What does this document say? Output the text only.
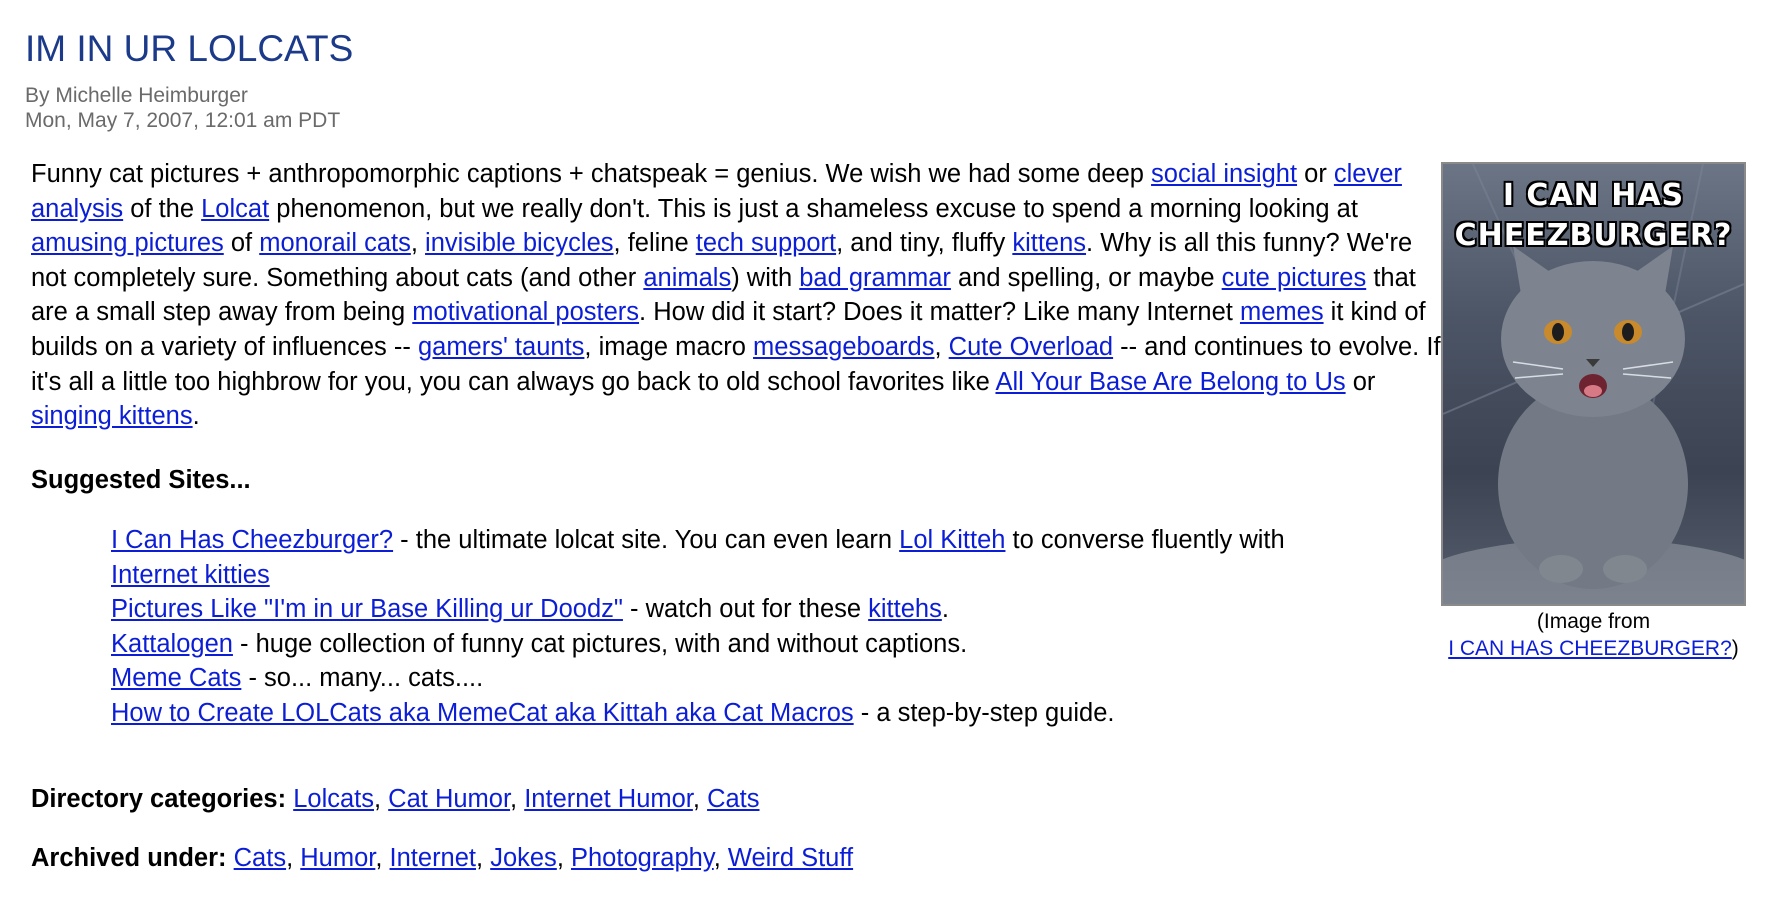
IM IN UR LOLCATS
By Michelle Heimburger
Mon, May 7, 2007, 12:01 am PDT

Funny cat pictures + anthropomorphic captions + chatspeak = genius. We wish we had some deep social insight or clever analysis of the Lolcat phenomenon, but we really don't. This is just a shameless excuse to spend a morning looking at amusing pictures of monorail cats, invisible bicycles, feline tech support, and tiny, fluffy kittens. Why is all this funny? We're not completely sure. Something about cats (and other animals) with bad grammar and spelling, or maybe cute pictures that are a small step away from being motivational posters. How did it start? Does it matter? Like many Internet memes it kind of builds on a variety of influences -- gamers' taunts, image macro messageboards, Cute Overload -- and continues to evolve. If it's all a little too highbrow for you, you can always go back to old school favorites like All Your Base Are Belong to Us or singing kittens.

Suggested Sites...
I Can Has Cheezburger? - the ultimate lolcat site. You can even learn Lol Kitteh to converse fluently with
Internet kitties
Pictures Like "I'm in ur Base Killing ur Doodz" - watch out for these kittehs.
Kattalogen - huge collection of funny cat pictures, with and without captions.
Meme Cats - so... many... cats....
How to Create LOLCats aka MemeCat aka Kittah aka Cat Macros - a step-by-step guide.
Directory categories: Lolcats, Cat Humor, Internet Humor, Cats
Archived under: Cats, Humor, Internet, Jokes, Photography, Weird Stuff
I CAN HAS
CHEEZBURGER?
(Image from
I CAN HAS CHEEZBURGER?)
